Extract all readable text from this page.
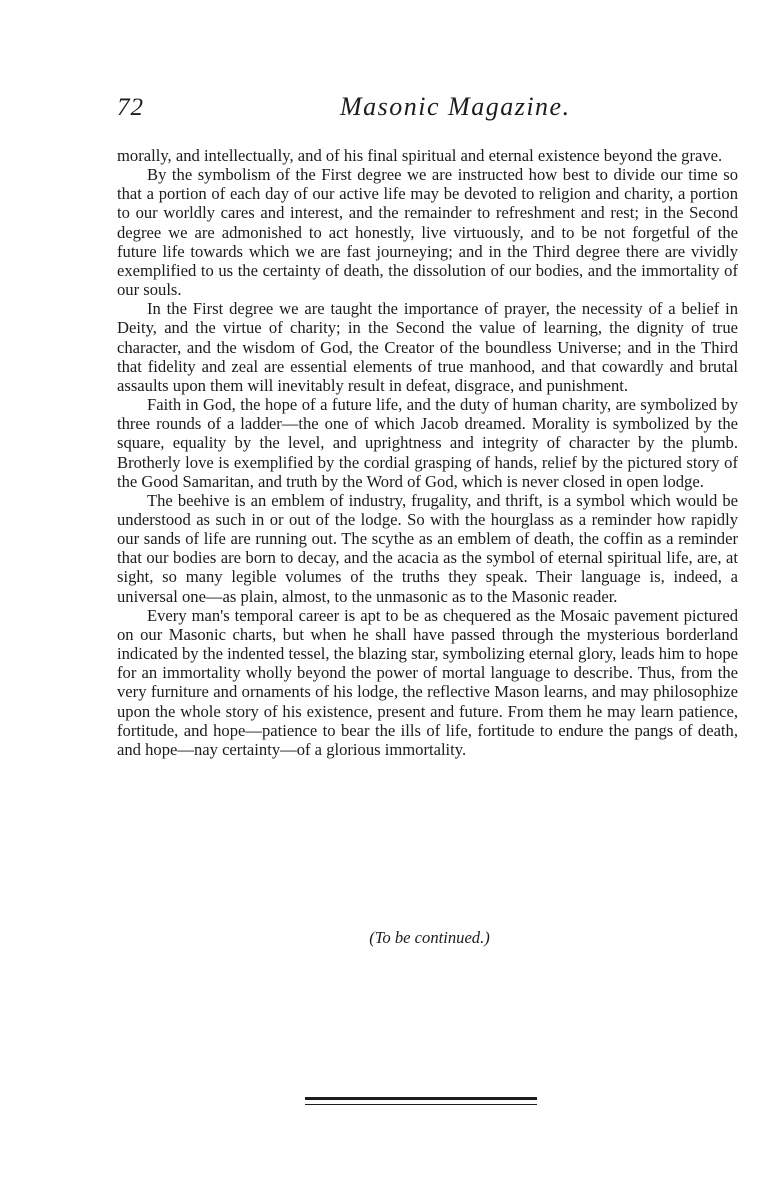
72	Masonic Magazine.

morally, and intellectually, and of his final spiritual and eternal existence beyond the grave.

By the symbolism of the First degree we are instructed how best to divide our time so that a portion of each day of our active life may be devoted to religion and charity, a portion to our worldly cares and interest, and the remainder to refreshment and rest; in the Second degree we are admonished to act honestly, live virtuously, and to be not forgetful of the future life towards which we are fast journeying; and in the Third degree there are vividly exemplified to us the certainty of death, the dissolution of our bodies, and the immortality of our souls.

In the First degree we are taught the importance of prayer, the necessity of a belief in Deity, and the virtue of charity; in the Second the value of learning, the dignity of true character, and the wisdom of God, the Creator of the boundless Universe; and in the Third that fidelity and zeal are essential elements of true manhood, and that cowardly and brutal assaults upon them will inevitably result in defeat, disgrace, and punishment.

Faith in God, the hope of a future life, and the duty of human charity, are symbolized by three rounds of a ladder—the one of which Jacob dreamed. Morality is symbolized by the square, equality by the level, and uprightness and integrity of character by the plumb. Brotherly love is exemplified by the cordial grasping of hands, relief by the pictured story of the Good Samaritan, and truth by the Word of God, which is never closed in open lodge.

The beehive is an emblem of industry, frugality, and thrift, is a symbol which would be understood as such in or out of the lodge. So with the hourglass as a reminder how rapidly our sands of life are running out. The scythe as an emblem of death, the coffin as a reminder that our bodies are born to decay, and the acacia as the symbol of eternal spiritual life, are, at sight, so many legible volumes of the truths they speak. Their language is, indeed, a universal one—as plain, almost, to the unmasonic as to the Masonic reader.

Every man's temporal career is apt to be as chequered as the Mosaic pavement pictured on our Masonic charts, but when he shall have passed through the mysterious borderland indicated by the indented tessel, the blazing star, symbolizing eternal glory, leads him to hope for an immortality wholly beyond the power of mortal language to describe. Thus, from the very furniture and ornaments of his lodge, the reflective Mason learns, and may philosophize upon the whole story of his existence, present and future. From them he may learn patience, fortitude, and hope—patience to bear the ills of life, fortitude to endure the pangs of death, and hope—nay certainty—of a glorious immortality.

(To be continued.)
